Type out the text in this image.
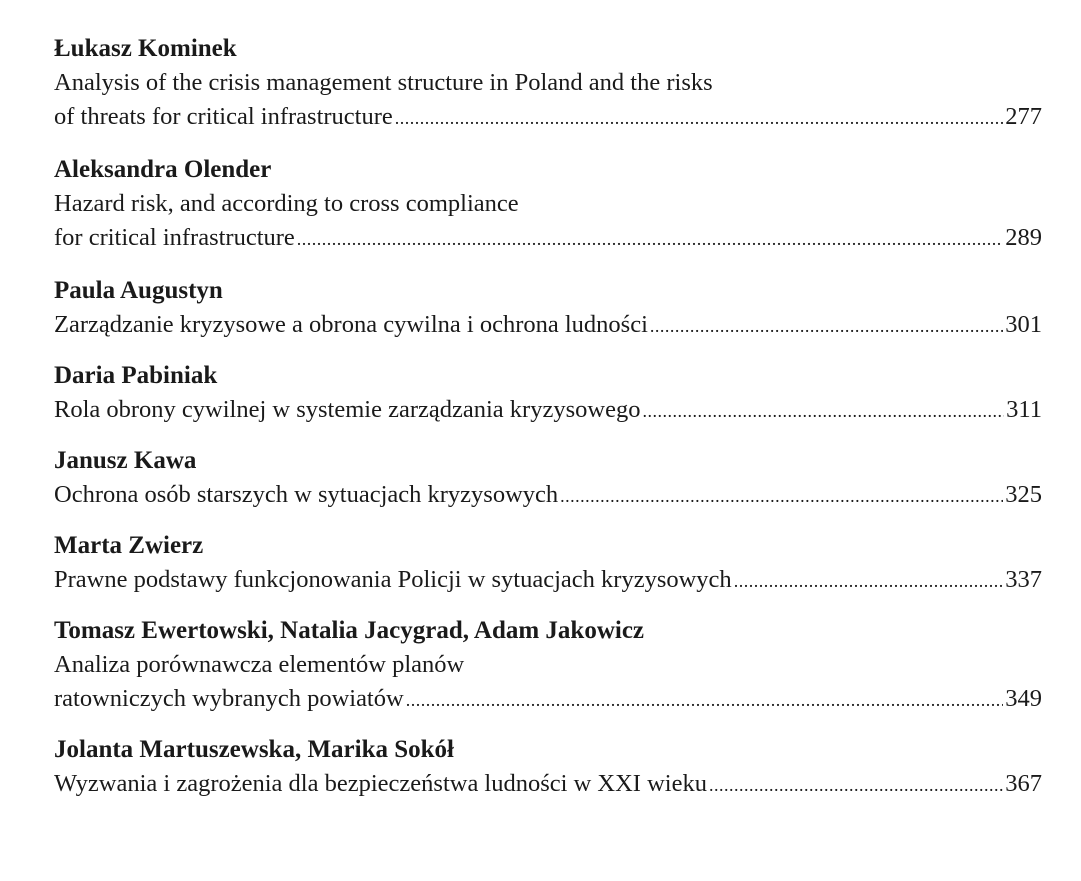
Łukasz Kominek
Analysis of the crisis management structure in Poland and the risks
of threats for critical infrastructure .....	277
Aleksandra Olender
Hazard risk, and according to cross compliance
for critical infrastructure .....	289
Paula Augustyn
Zarządzanie kryzysowe a obrona cywilna i ochrona ludności .....	301
Daria Pabiniak
Rola obrony cywilnej w systemie zarządzania kryzysowego .....	311
Janusz Kawa
Ochrona osób starszych w sytuacjach kryzysowych .....	325
Marta Zwierz
Prawne podstawy funkcjonowania Policji w sytuacjach kryzysowych .....	337
Tomasz Ewertowski, Natalia Jacygrad, Adam Jakowicz
Analiza porównawcza elementów planów
ratowniczych wybranych powiatów .....	349
Jolanta Martuszewska, Marika Sokół
Wyzwania i zagrożenia dla bezpieczeństwa ludności w XXI wieku .....	367
